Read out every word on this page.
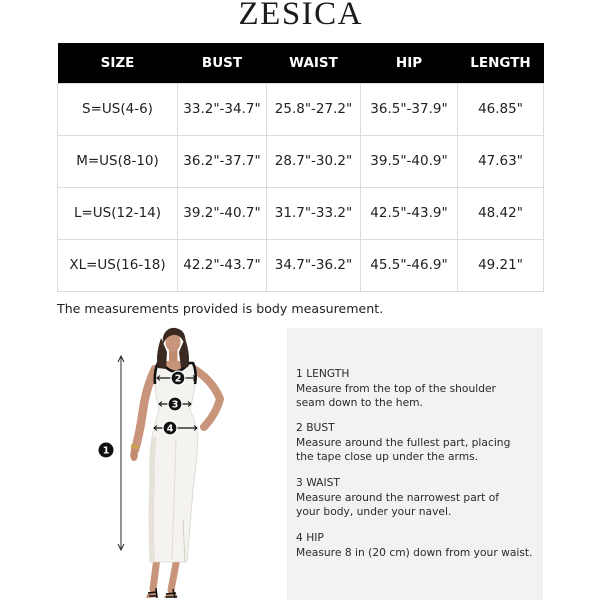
ZESICA
SIZE	BUST	WAIST	HIP	LENGTH
S=US(4-6)	33.2"-34.7"	25.8"-27.2"	36.5"-37.9"	46.85"
M=US(8-10)	36.2"-37.7"	28.7"-30.2"	39.5"-40.9"	47.63"
L=US(12-14)	39.2"-40.7"	31.7"-33.2"	42.5"-43.9"	48.42"
XL=US(16-18)	42.2"-43.7"	34.7"-36.2"	45.5"-46.9"	49.21"
The measurements provided is body measurement.
1
2
3
4
1 LENGTH
Measure from the top of the shoulder
seam down to the hem.
2 BUST
Measure around the fullest part, placing
the tape close up under the arms.
3 WAIST
Measure around the narrowest part of
your body, under your navel.
4 HIP
Measure 8 in (20 cm) down from your waist.
